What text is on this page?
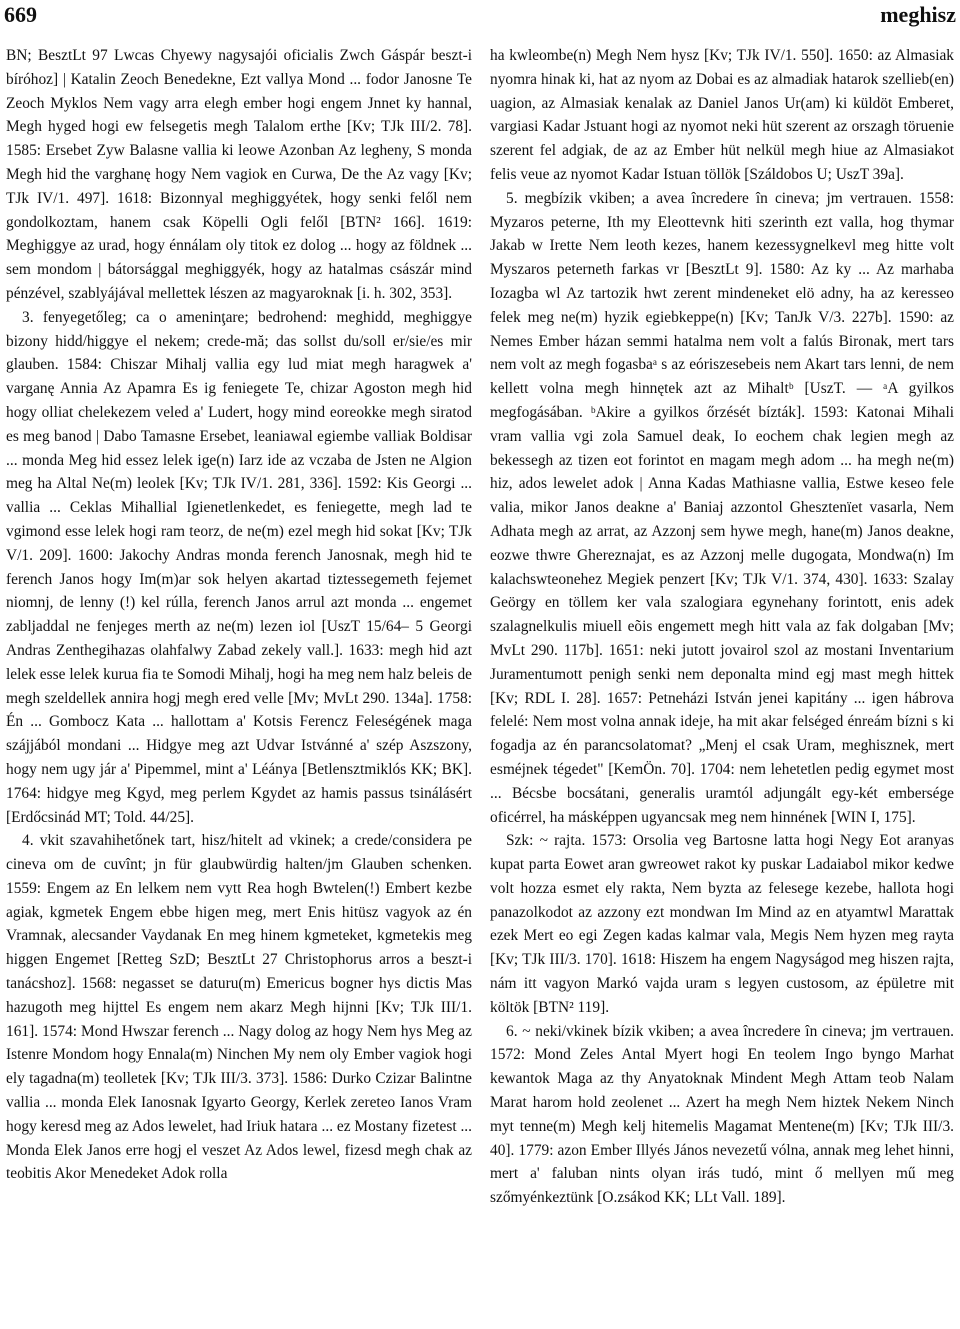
669	meghisz

BN; BesztLt 97 Lwcas Chyewy nagysajói oficialis Zwch Gáspár beszt-i bíróhoz] | Katalin Zeoch Benedekne, Ezt vallya Mond ... fodor Janosne Te Zeoch Myklos Nem vagy arra elegh ember hogi engem Jnnet ky hannal, Megh hyged hogi ew felsegetis megh Talalom erthe [Kv; TJk III/2. 78]. 1585: Ersebet Zyw Balasne vallia ki leowe Azonban Az legheny, S monda Megh hid the varghanę hogy Nem vagiok en Curwa, De the Az vagy [Kv; TJk IV/1. 497]. 1618: Bizonnyal meghiggyétek, hogy senki felől nem gondolkoztam, hanem csak Köpelli Ogli felől [BTN² 166]. 1619: Meghiggye az urad, hogy énnálam oly titok ez dolog ... hogy az földnek ... sem mondom | bátorsággal meghiggyék, hogy az hatalmas császár mind pénzével, szablyájával mellettek lészen az magyaroknak [i. h. 302, 353].

3. fenyegetőleg; ca o ameninţare; bedrohend: meghidd, meghiggye bizony hidd/higgye el nekem; crede-mă; das sollst du/soll er/sie/es mir glauben. 1584: Chiszar Mihalj vallia egy lud miat megh haragwek a' varganę Annia Az Apamra Es ig feniegete Te, chizar Agoston megh hid hogy olliat chelekezem veled a' Ludert, hogy mind eoreokke megh siratod es meg banod | Dabo Tamasne Ersebet, leaniawal egiembe valliak Boldisar ... monda Meg hid essez lelek ige(n) Iarz ide az vczaba de Jsten ne Algion meg ha Altal Ne(m) leolek [Kv; TJk IV/1. 281, 336]. 1592: Kis Georgi ... vallia ... Ceklas Mihallial Igienetlenkedet, es feniegette, megh lad te vgimond esse lelek hogi ram teorz, de ne(m) ezel megh hid sokat [Kv; TJk V/1. 209]. 1600: Jakochy Andras monda ferench Janosnak, megh hid te ferench Janos hogy Im(m)ar sok helyen akartad tiztessegemeth fejemet niomnj, de lenny (!) kel rúlla, ferench Janos arrul azt monda ... engemet zabljaddal ne fenjeges merth az ne(m) lezen iol [UszT 15/64– 5 Georgi Andras Zenthegihazas olahfalwy Zabad zekely vall.]. 1633: megh hid azt lelek esse lelek kurua fia te Somodi Mihalj, hogi ha meg nem halz beleis de megh szeldellek annira hogj megh ered velle [Mv; MvLt 290. 134a]. 1758: Én ... Gombocz Kata ... hallottam a' Kotsis Ferencz Feleségének maga szájjából mondani ... Hidgye meg azt Udvar Istvánné a' szép Aszszony, hogy nem ugy jár a' Pipemmel, mint a' Léánya [Betlensztmiklós KK; BK]. 1764: hidgye meg Kgyd, meg perlem Kgydet az hamis passus tsinálásért [Erdőcsinád MT; Told. 44/25].

4. vkit szavahihetőnek tart, hisz/hitelt ad vkinek; a crede/considera pe cineva om de cuvînt; jn für glaubwürdig halten/jm Glauben schenken. 1559: Engem az En lelkem nem vytt Rea hogh Bwtelen(!) Embert kezbe agiak, kgmetek Engem ebbe higen meg, mert Enis hitüsz vagyok az én Vramnak, alecsander Vaydanak En meg hinem kgmeteket, kgmetekis meg higgen Engemet [Retteg SzD; BesztLt 27 Christophorus arros a beszt-i tanácshoz]. 1568: negasset se daturu(m) Emericus bogner hys dictis Mas hazugoth meg hijttel Es engem nem akarz Megh hijnni [Kv; TJk III/1. 161]. 1574: Mond Hwszar ferench ... Nagy dolog az hogy Nem hys Meg az Istenre Mondom hogy Ennala(m) Ninchen My nem oly Ember vagiok hogi ely tagadna(m) teolletek [Kv; TJk III/3. 373]. 1586: Durko Czizar Balintne vallia ... monda Elek Ianosnak Igyarto Georgy, Kerlek zereteo Ianos Vram hogy keresd meg az Ados lewelet, had Iriuk hatara ... ez Mostany fizetest ... Monda Elek Janos erre hogj el veszet Az Ados lewel, fizesd megh chak az teobitis Akor Menedeket Adok rolla

ha kwleombe(n) Megh Nem hysz [Kv; TJk IV/1. 550]. 1650: az Almasiak nyomra hinak ki, hat az nyom az Dobai es az almadiak hatarok szellieb(en) uagion, az Almasiak kenalak az Daniel Janos Ur(am) ki küldöt Emberet, vargiasi Kadar Jstuant hogi az nyomot neki hüt szerent az orszagh töruenie szerent fel adgiak, de az az Ember hüt nelkül megh hiue az Almasiakot felis veue az nyomot Kadar Istuan töllök [Száldobos U; UszT 39a].

5. megbízik vkiben; a avea încredere în cineva; jm vertrauen. 1558: Myzaros peterne, Ith my Eleottevnk hiti szerinth ezt valla, hog thymar Jakab w Irette Nem leoth kezes, hanem kezessygnelkevl meg hitte volt Myszaros peterneth farkas vr [BesztLt 9]. 1580: Az ky ... Az marhaba Iozagba wl Az tartozik hwt zerent mindeneket elö adny, ha az keresseo felek meg ne(m) hyzik egiebkeppe(n) [Kv; TanJk V/3. 227b]. 1590: az Nemes Ember házan semmi hatalma nem volt a falús Bironak, mert tars nem volt az megh fogasbaᵃ s az eóriszesebeis nem Akart tars lenni, de nem kellett volna megh hinnętek azt az Mihaltᵇ [UszT. — ᵃA gyilkos megfogásában. ᵇAkire a gyilkos őrzését bízták]. 1593: Katonai Mihali vram vallia vgi zola Samuel deak, Io eochem chak legien megh az bekessegh az tizen eot forintot en magam megh adom ... ha megh ne(m) hiz, ados lewelet adok | Anna Kadas Mathiasne vallia, Estwe keseo fele valia, mikor Janos deakne a' Baniaj azzontol Ghesztenïet vasarla, Nem Adhata megh az arrat, az Azzonj sem hywe megh, hane(m) Janos deakne, eozwe thwre Ghereznajat, es az Azzonj melle dugogata, Mondwa(n) Im kalachswteonehez Megiek penzert [Kv; TJk V/1. 374, 430]. 1633: Szalay Geörgy en töllem ker vala szalogiara egynehany forintott, enis adek szalagnelkulis miuell eõis engemett megh hitt vala az fak dolgaban [Mv; MvLt 290. 117b]. 1651: neki jutott jovairol szol az mostani Inventarium Juramentumott penigh senki nem deponalta mind egj mast megh hittek [Kv; RDL I. 28]. 1657: Petneházi István jenei kapitány ... igen hábrova felelé: Nem most volna annak ideje, ha mit akar felséged énreám bízni s ki fogadja az én parancsolatomat? „Menj el csak Uram, meghisznek, mert esméjnek tégedet" [KemÖn. 70]. 1704: nem lehetetlen pedig egymet most ... Bécsbe bocsátani, generalis uramtól adjungált egy-két embersége oficérrel, ha másképpen ugyancsak meg nem hinnének [WIN I, 175].

Szk: ~ rajta. 1573: Orsolia veg Bartosne latta hogi Negy Eot aranyas kupat parta Eowet aran gwreowet rakot ky puskar Ladaiabol mikor kedwe volt hozza esmet ely rakta, Nem byzta az felesege kezebe, hallota hogi panazolkodot az azzony ezt mondwan Im Mind az en atyamtwl Marattak ezek Mert eo egi Zegen kadas kalmar vala, Megis Nem hyzen meg rayta [Kv; TJk III/3. 170]. 1618: Hiszem ha engem Nagyságod meg hiszen rajta, nám itt vagyon Markó vajda uram s legyen custosom, az épületre mit költök [BTN² 119].

6. ~ neki/vkinek bízik vkiben; a avea încredere în cineva; jm vertrauen. 1572: Mond Zeles Antal Myert hogi En teolem Ingo byngo Marhat kewantok Maga az thy Anyatoknak Mindent Megh Attam teob Nalam Marat harom hold zeolenet ... Azert ha megh Nem hiztek Nekem Ninch myt tenne(m) Megh kelj hitemelis Magamat Mentene(m) [Kv; TJk III/3. 40]. 1779: azon Ember Illyés János nevezetű vólna, annak meg lehet hinni, mert a' faluban nints olyan irás tudó, mint ő mellyen mű meg szőmyénkeztünk [O.zsákod KK; LLt Vall. 189].
